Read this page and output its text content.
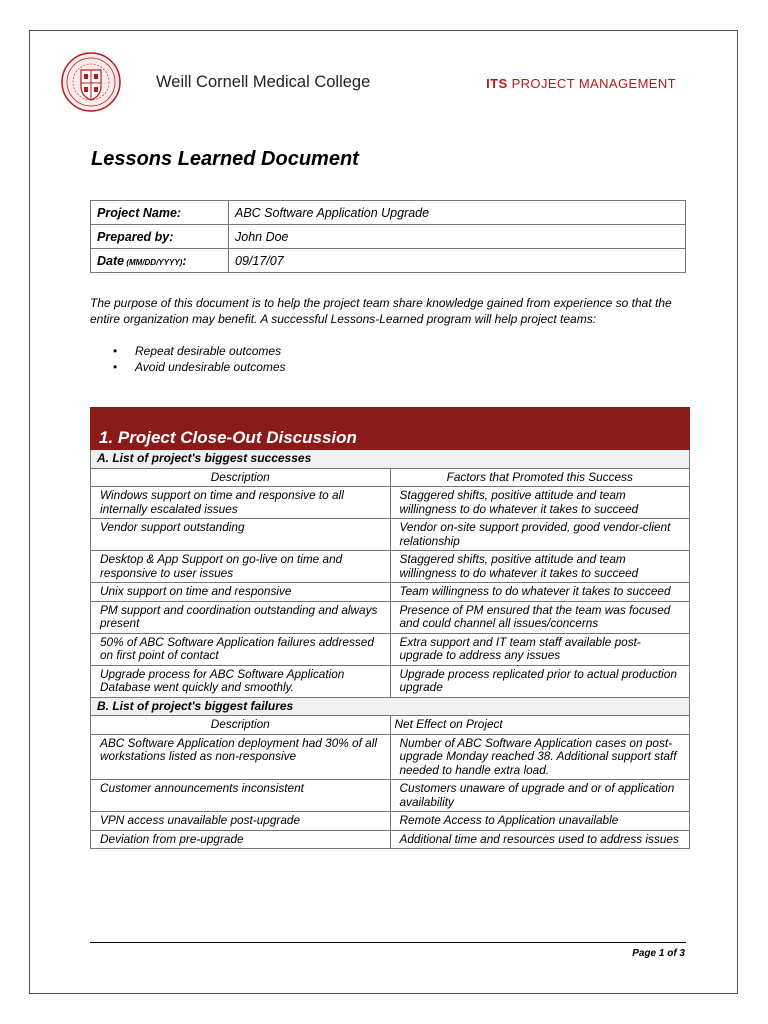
Weill Cornell Medical College	ITS PROJECT MANAGEMENT
Lessons Learned Document
Project Name:	ABC Software Application Upgrade
Prepared by:	John Doe
Date (MM/DD/YYYY):	09/17/07
The purpose of this document is to help the project team share knowledge gained from experience so that the entire organization may benefit. A successful Lessons-Learned program will help project teams:
• Repeat desirable outcomes
• Avoid undesirable outcomes
1. Project Close-Out Discussion	
A. List of project's biggest successes	
Description	Factors that Promoted this Success
Windows support on time and responsive to all internally escalated issues	Staggered shifts, positive attitude and team willingness to do whatever it takes to succeed
Vendor support outstanding	Vendor on-site support provided, good vendor-client relationship
Desktop & App Support on go-live on time and responsive to user issues	Staggered shifts, positive attitude and team willingness to do whatever it takes to succeed
Unix support on time and responsive	Team willingness to do whatever it takes to succeed
PM support and coordination outstanding and always present	Presence of PM ensured that the team was focused and could channel all issues/concerns
50% of ABC Software Application failures addressed on first point of contact	Extra support and IT team staff available post-upgrade to address any issues
Upgrade process for ABC Software Application Database went quickly and smoothly.	Upgrade process replicated prior to actual production upgrade
B. List of project's biggest failures	
Description	Net Effect on Project
ABC Software Application deployment had 30% of all workstations listed as non-responsive	Number of ABC Software Application cases on post-upgrade Monday reached 38. Additional support staff needed to handle extra load.
Customer announcements inconsistent	Customers unaware of upgrade and or of application availability
VPN access unavailable post-upgrade	Remote Access to Application unavailable
Deviation from pre-upgrade	Additional time and resources used to address issues
Page 1 of 3
